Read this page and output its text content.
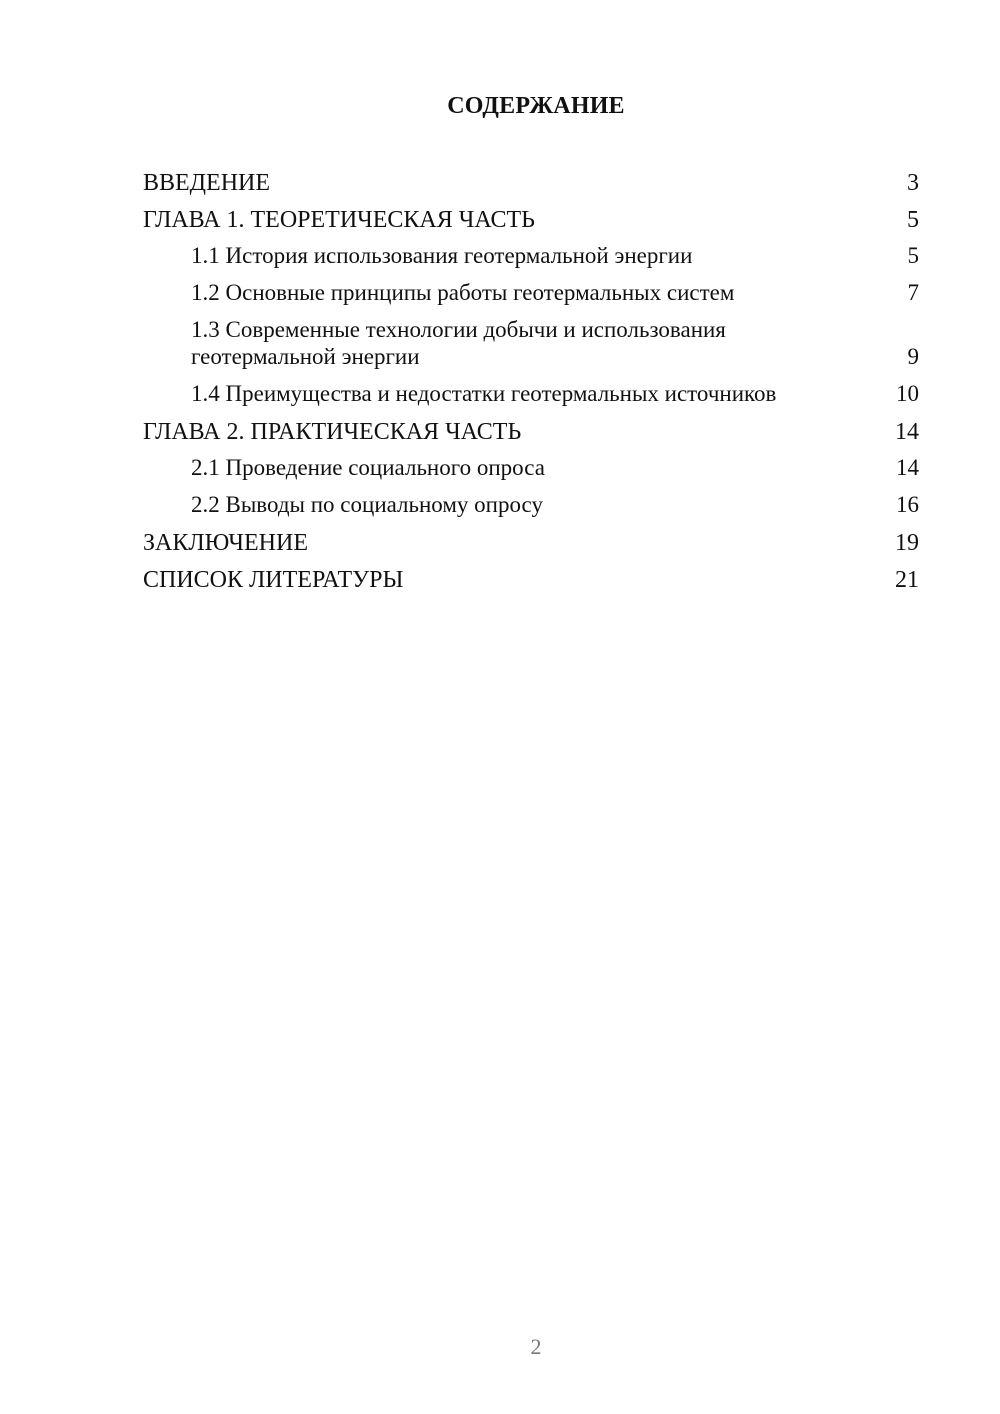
СОДЕРЖАНИЕ
ВВЕДЕНИЕ	3
ГЛАВА 1. ТЕОРЕТИЧЕСКАЯ ЧАСТЬ	5
1.1 История использования геотермальной энергии	5
1.2 Основные принципы работы геотермальных систем	7
1.3 Современные технологии добычи и использования геотермальной энергии	9
1.4 Преимущества и недостатки геотермальных источников	10
ГЛАВА 2. ПРАКТИЧЕСКАЯ ЧАСТЬ	14
2.1 Проведение социального опроса	14
2.2 Выводы по социальному опросу	16
ЗАКЛЮЧЕНИЕ	19
СПИСОК ЛИТЕРАТУРЫ	21
2
